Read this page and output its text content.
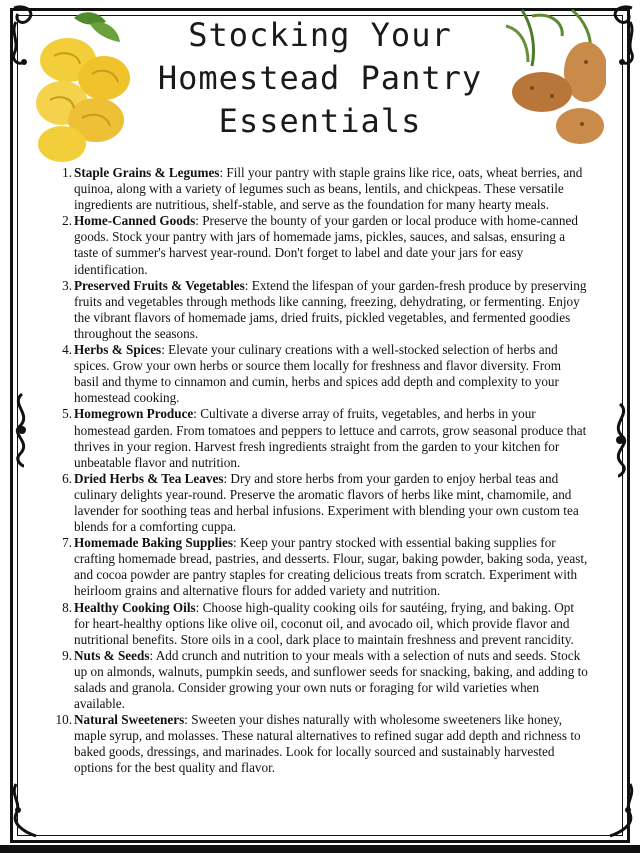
Stocking Your
Homestead Pantry
Essentials
1. Staple Grains & Legumes: Fill your pantry with staple grains like rice, oats, wheat berries, and quinoa, along with a variety of legumes such as beans, lentils, and chickpeas. These versatile ingredients are nutritious, shelf-stable, and serve as the foundation for many hearty meals.
2. Home-Canned Goods: Preserve the bounty of your garden or local produce with home-canned goods. Stock your pantry with jars of homemade jams, pickles, sauces, and salsas, ensuring a taste of summer's harvest year-round. Don't forget to label and date your jars for easy identification.
3. Preserved Fruits & Vegetables: Extend the lifespan of your garden-fresh produce by preserving fruits and vegetables through methods like canning, freezing, dehydrating, or fermenting. Enjoy the vibrant flavors of homemade jams, dried fruits, pickled vegetables, and fermented goodies throughout the seasons.
4. Herbs & Spices: Elevate your culinary creations with a well-stocked selection of herbs and spices. Grow your own herbs or source them locally for freshness and flavor diversity. From basil and thyme to cinnamon and cumin, herbs and spices add depth and complexity to your homestead cooking.
5. Homegrown Produce: Cultivate a diverse array of fruits, vegetables, and herbs in your homestead garden. From tomatoes and peppers to lettuce and carrots, grow seasonal produce that thrives in your region. Harvest fresh ingredients straight from the garden to your kitchen for unbeatable flavor and nutrition.
6. Dried Herbs & Tea Leaves: Dry and store herbs from your garden to enjoy herbal teas and culinary delights year-round. Preserve the aromatic flavors of herbs like mint, chamomile, and lavender for soothing teas and herbal infusions. Experiment with blending your own custom tea blends for a comforting cuppa.
7. Homemade Baking Supplies: Keep your pantry stocked with essential baking supplies for crafting homemade bread, pastries, and desserts. Flour, sugar, baking powder, baking soda, yeast, and cocoa powder are pantry staples for creating delicious treats from scratch. Experiment with heirloom grains and alternative flours for added variety and nutrition.
8. Healthy Cooking Oils: Choose high-quality cooking oils for sautéing, frying, and baking. Opt for heart-healthy options like olive oil, coconut oil, and avocado oil, which provide flavor and nutritional benefits. Store oils in a cool, dark place to maintain freshness and prevent rancidity.
9. Nuts & Seeds: Add crunch and nutrition to your meals with a selection of nuts and seeds. Stock up on almonds, walnuts, pumpkin seeds, and sunflower seeds for snacking, baking, and adding to salads and granola. Consider growing your own nuts or foraging for wild varieties when available.
10. Natural Sweeteners: Sweeten your dishes naturally with wholesome sweeteners like honey, maple syrup, and molasses. These natural alternatives to refined sugar add depth and richness to baked goods, dressings, and marinades. Look for locally sourced and sustainably harvested options for the best quality and flavor.
